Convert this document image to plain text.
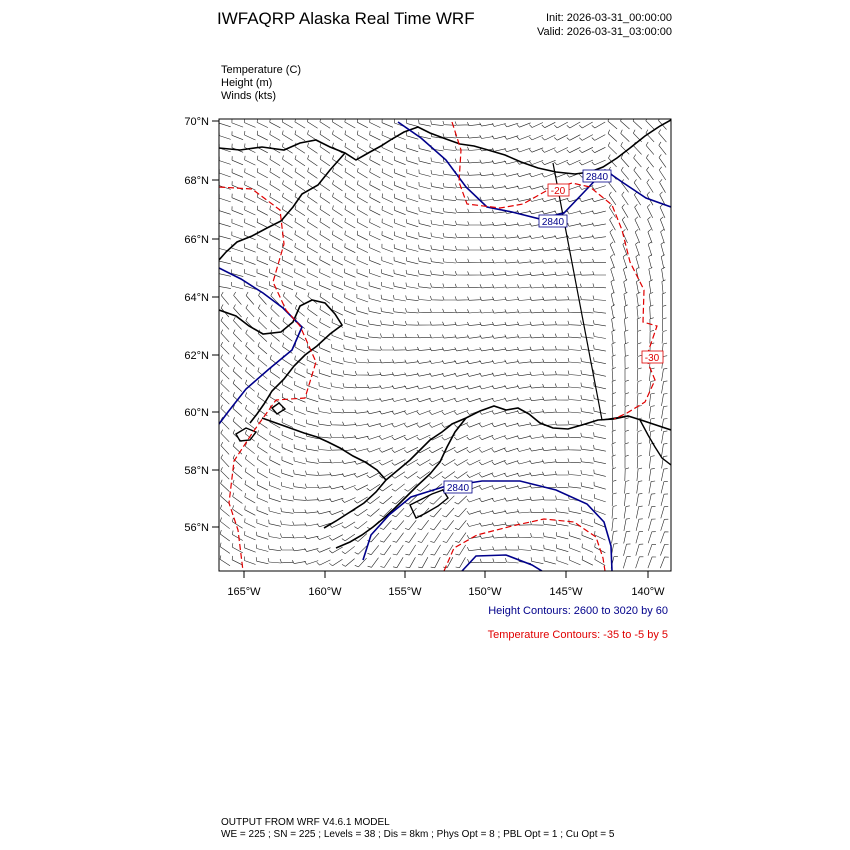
IWFAQRP Alaska Real Time WRF	Init: 2026-03-31_00:00:00
Valid: 2026-03-31_03:00:00
Temperature (C)
Height (m)
Winds (kts)
2840
2840
2840
-20
-30
70°N
68°N
66°N
64°N
62°N
60°N
58°N
56°N
165°W	160°W	155°W	150°W	145°W	140°W
Height Contours: 2600 to 3020 by 60
Temperature Contours: -35 to -5 by 5
OUTPUT FROM WRF V4.6.1 MODEL
WE = 225 ; SN = 225 ; Levels = 38 ; Dis = 8km ; Phys Opt = 8 ; PBL Opt = 1 ; Cu Opt = 5
